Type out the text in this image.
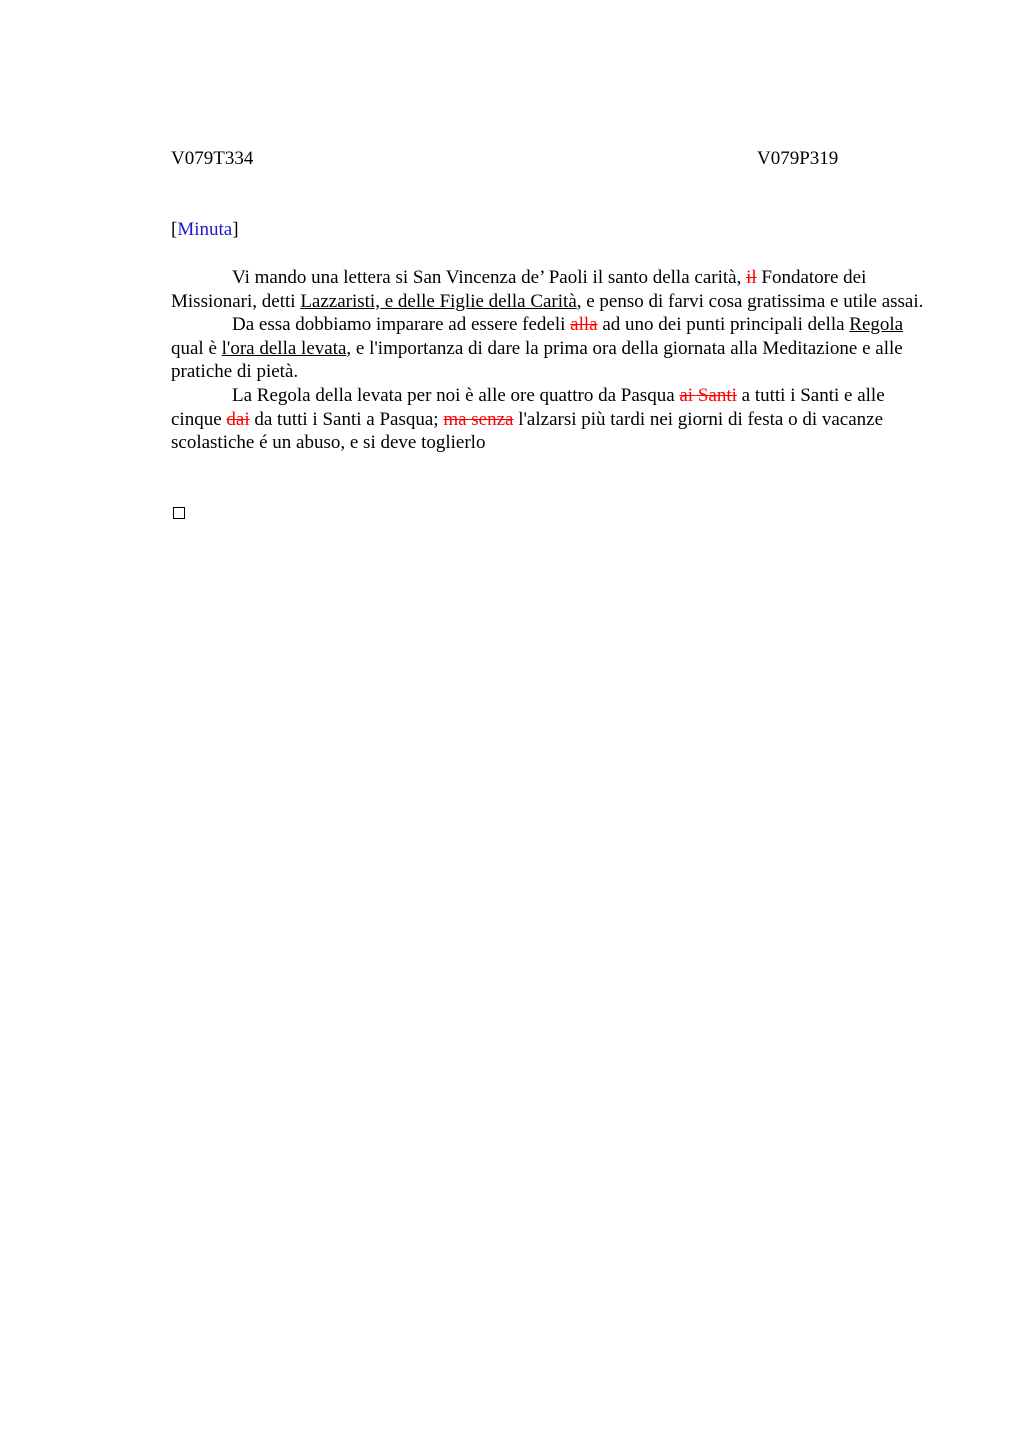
V079T334	V079P319
[Minuta]

Vi mando una lettera si San Vincenza de’ Paoli il santo della carità, il Fondatore dei Missionari, detti Lazzaristi, e delle Figlie della Carità, e penso di farvi cosa gratissima e utile assai.

Da essa dobbiamo imparare ad essere fedeli alla ad uno dei punti principali della Regola qual è l'ora della levata, e l'importanza di dare la prima ora della giornata alla Meditazione e alle pratiche di pietà.

La Regola della levata per noi è alle ore quattro da Pasqua ai Santi a tutti i Santi e alle cinque dai da tutti i Santi a Pasqua; ma senza l'alzarsi più tardi nei giorni di festa o di vacanze scolastiche é un abuso, e si deve toglierlo
